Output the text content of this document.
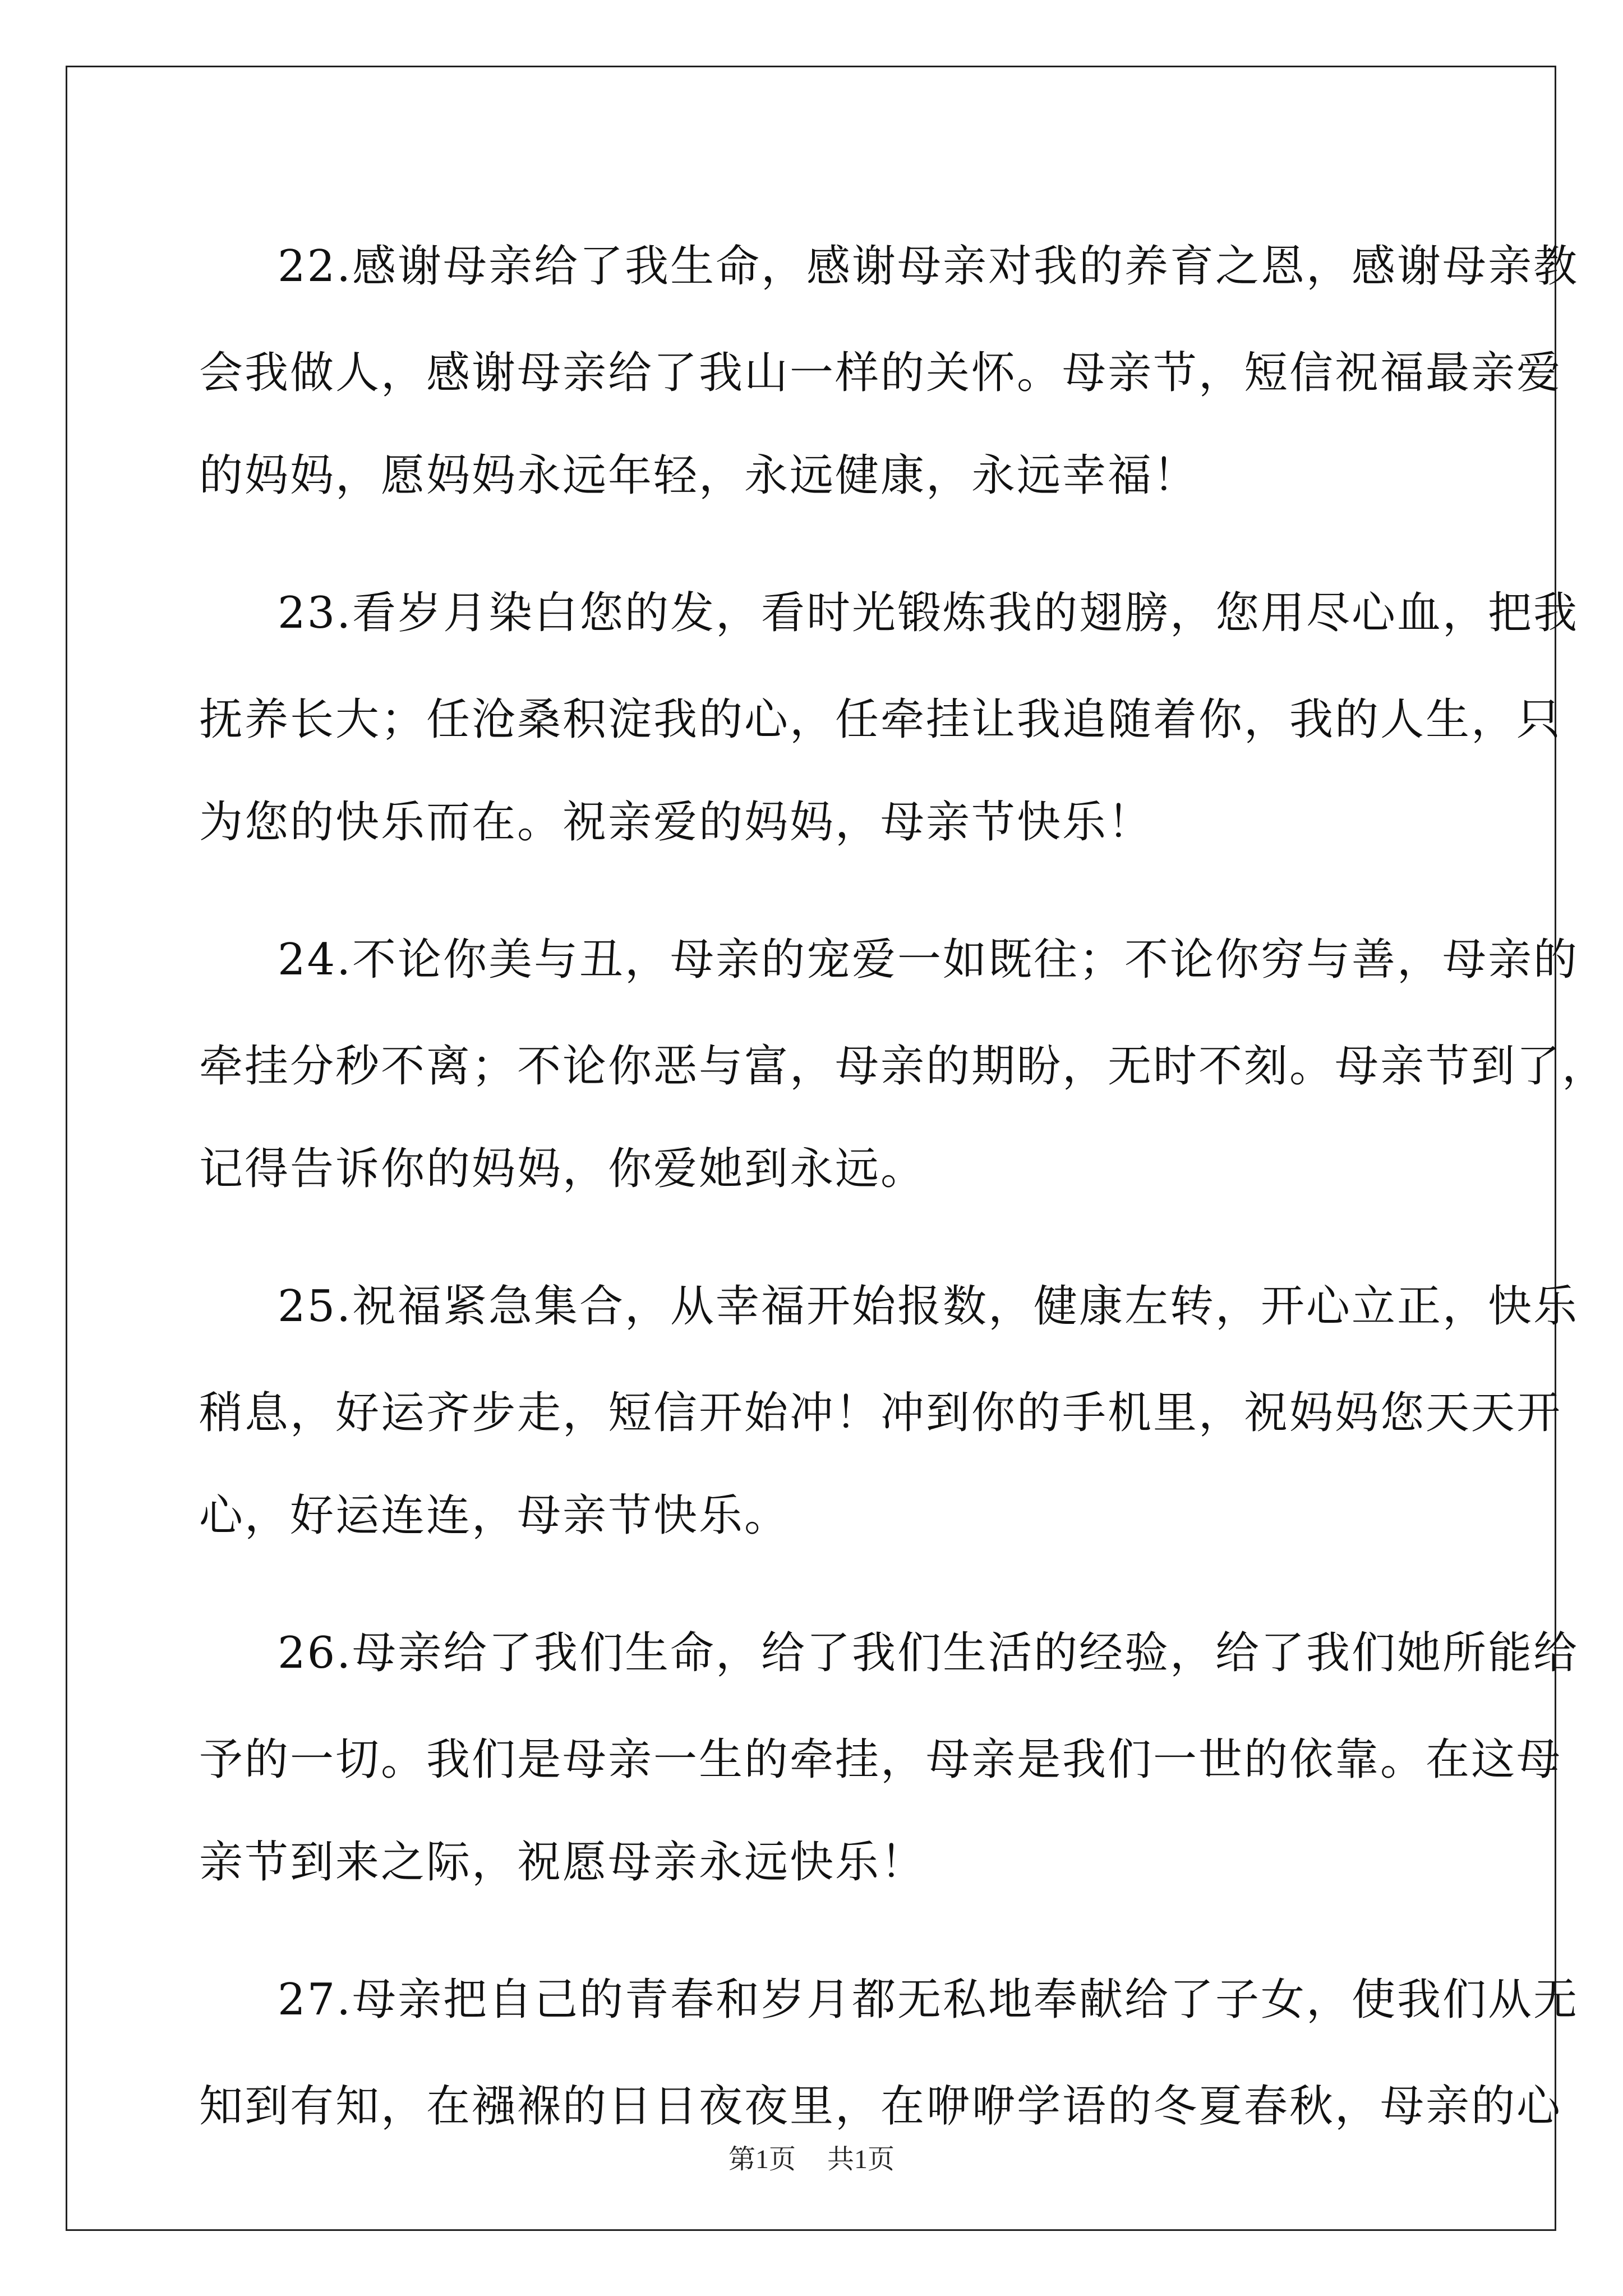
22.感谢母亲给了我生命，感谢母亲对我的养育之恩，感谢母亲教
会我做人，感谢母亲给了我山一样的关怀。母亲节，短信祝福最亲爱
的妈妈，愿妈妈永远年轻，永远健康，永远幸福！
23.看岁月染白您的发，看时光锻炼我的翅膀，您用尽心血，把我
抚养长大；任沧桑积淀我的心，任牵挂让我追随着你，我的人生，只
为您的快乐而在。祝亲爱的妈妈，母亲节快乐！
24.不论你美与丑，母亲的宠爱一如既往；不论你穷与善，母亲的
牵挂分秒不离；不论你恶与富，母亲的期盼，无时不刻。母亲节到了，
记得告诉你的妈妈，你爱她到永远。
25.祝福紧急集合，从幸福开始报数，健康左转，开心立正，快乐
稍息，好运齐步走，短信开始冲！冲到你的手机里，祝妈妈您天天开
心，好运连连，母亲节快乐。
26.母亲给了我们生命，给了我们生活的经验，给了我们她所能给
予的一切。我们是母亲一生的牵挂，母亲是我们一世的依靠。在这母
亲节到来之际，祝愿母亲永远快乐！
27.母亲把自己的青春和岁月都无私地奉献给了子女，使我们从无
知到有知，在襁褓的日日夜夜里，在咿咿学语的冬夏春秋，母亲的心
第1页 共1页
